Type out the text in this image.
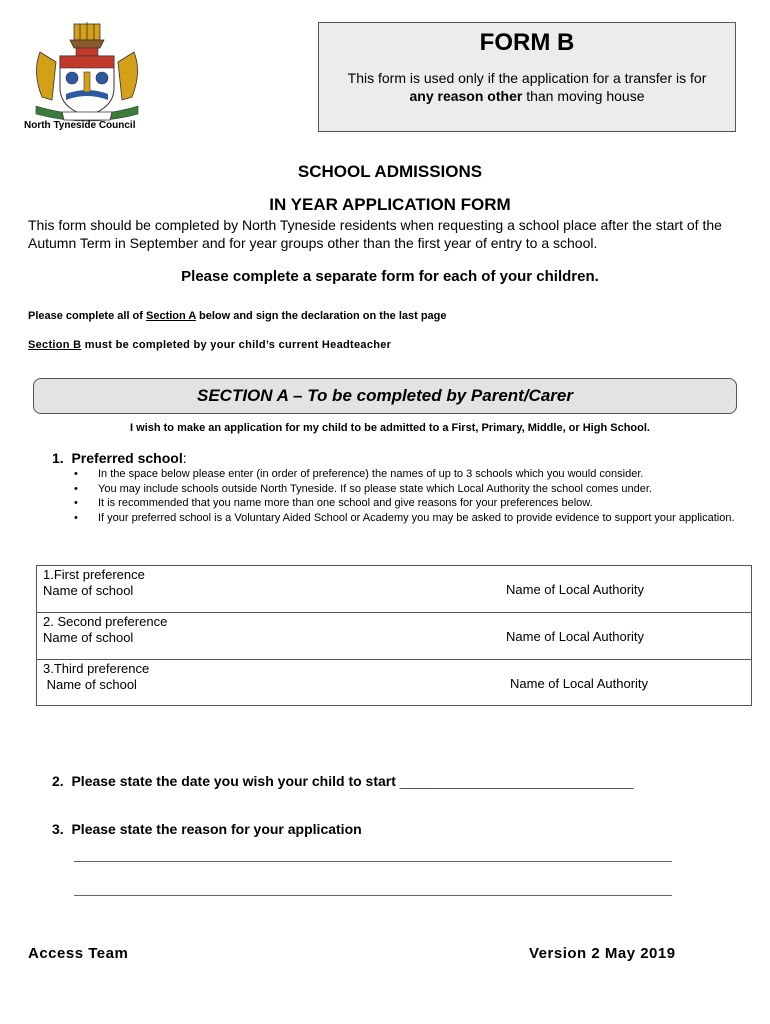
North Tyneside Council
FORM B
This form is used only if the application for a transfer is for
any reason other than moving house
SCHOOL ADMISSIONS
IN YEAR APPLICATION FORM
This form should be completed by North Tyneside residents when requesting a school place after the start of the Autumn Term in September and for year groups other than the first year of entry to a school.
Please complete a separate form for each of your children.
Please complete all of Section A below and sign the declaration on the last page
Section B must be completed by your child’s current Headteacher
SECTION A – To be completed by Parent/Carer
I wish to make an application for my child to be admitted to a First, Primary, Middle, or High School.
1. Preferred school:
• In the space below please enter (in order of preference) the names of up to 3 schools which you would consider.
• You may include schools outside North Tyneside. If so please state which Local Authority the school comes under.
• It is recommended that you name more than one school and give reasons for your preferences below.
• If your preferred school is a Voluntary Aided School or Academy you may be asked to provide evidence to support your application.
1.First preference
Name of school	Name of Local Authority
2. Second preference
Name of school	Name of Local Authority
3.Third preference
Name of school	Name of Local Authority
2. Please state the date you wish your child to start ______________________________
3. Please state the reason for your application
Access Team	Version 2 May 2019
